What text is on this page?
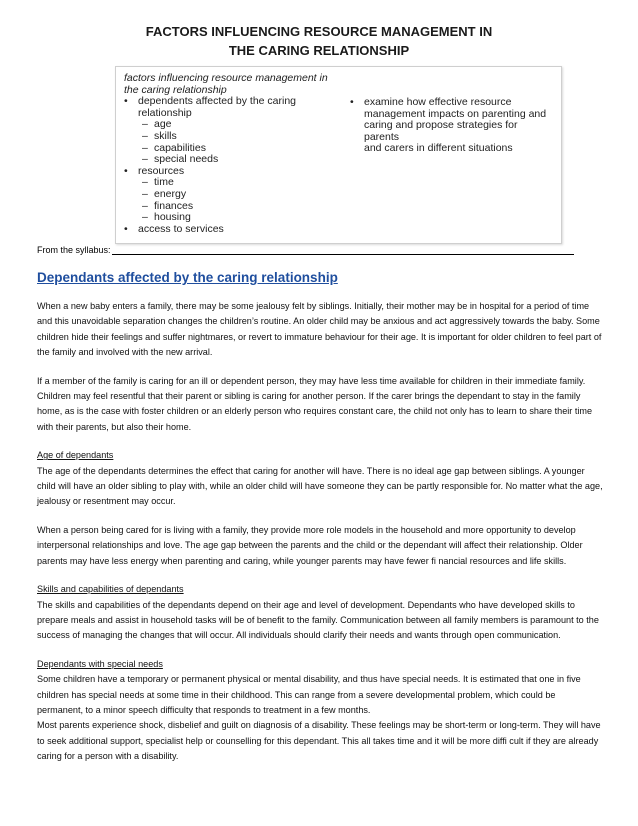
FACTORS INFLUENCING RESOURCE MANAGEMENT IN
THE CARING RELATIONSHIP
factors influencing resource management in
the caring relationship
• dependents affected by the caring
relationship
– age
– skills
– capabilities
– special needs
• resources
– time
– energy
– finances
– housing
• access to services
• examine how effective resource
management impacts on parenting and
caring and propose strategies for parents
and carers in different situations
From the syllabus:
Dependants affected by the caring relationship

When a new baby enters a family, there may be some jealousy felt by siblings. Initially, their mother may be in hospital for a period of time and this unavoidable separation changes the children’s routine. An older child may be anxious and act aggressively towards the baby. Some children hide their feelings and suffer nightmares, or revert to immature behaviour for their age. It is important for older children to feel part of the family and involved with the new arrival.

If a member of the family is caring for an ill or dependent person, they may have less time available for children in their immediate family. Children may feel resentful that their parent or sibling is caring for another person. If the carer brings the dependant to stay in the family home, as is the case with foster children or an elderly person who requires constant care, the child not only has to learn to share their time with their parents, but also their home.

Age of dependants
The age of the dependants determines the effect that caring for another will have. There is no ideal age gap between siblings. A younger child will have an older sibling to play with, while an older child will have someone they can be partly responsible for. No matter what the age, jealousy or resentment may occur.

When a person being cared for is living with a family, they provide more role models in the household and more opportunity to develop interpersonal relationships and love. The age gap between the parents and the child or the dependant will affect their relationship. Older parents may have less energy when parenting and caring, while younger parents may have fewer fi nancial resources and life skills.

Skills and capabilities of dependants
The skills and capabilities of the dependants depend on their age and level of development. Dependants who have developed skills to prepare meals and assist in household tasks will be of benefit to the family. Communication between all family members is paramount to the success of managing the changes that will occur. All individuals should clarify their needs and wants through open communication.
Dependants with special needs
Some children have a temporary or permanent physical or mental disability, and thus have special needs. It is estimated that one in five children has special needs at some time in their childhood. This can range from a severe developmental problem, which could be permanent, to a minor speech difficulty that responds to treatment in a few months.
Most parents experience shock, disbelief and guilt on diagnosis of a disability. These feelings may be short-term or long-term. They will have to seek additional support, specialist help or counselling for this dependant. This all takes time and it will be more diffi cult if they are already caring for a person with a disability.
